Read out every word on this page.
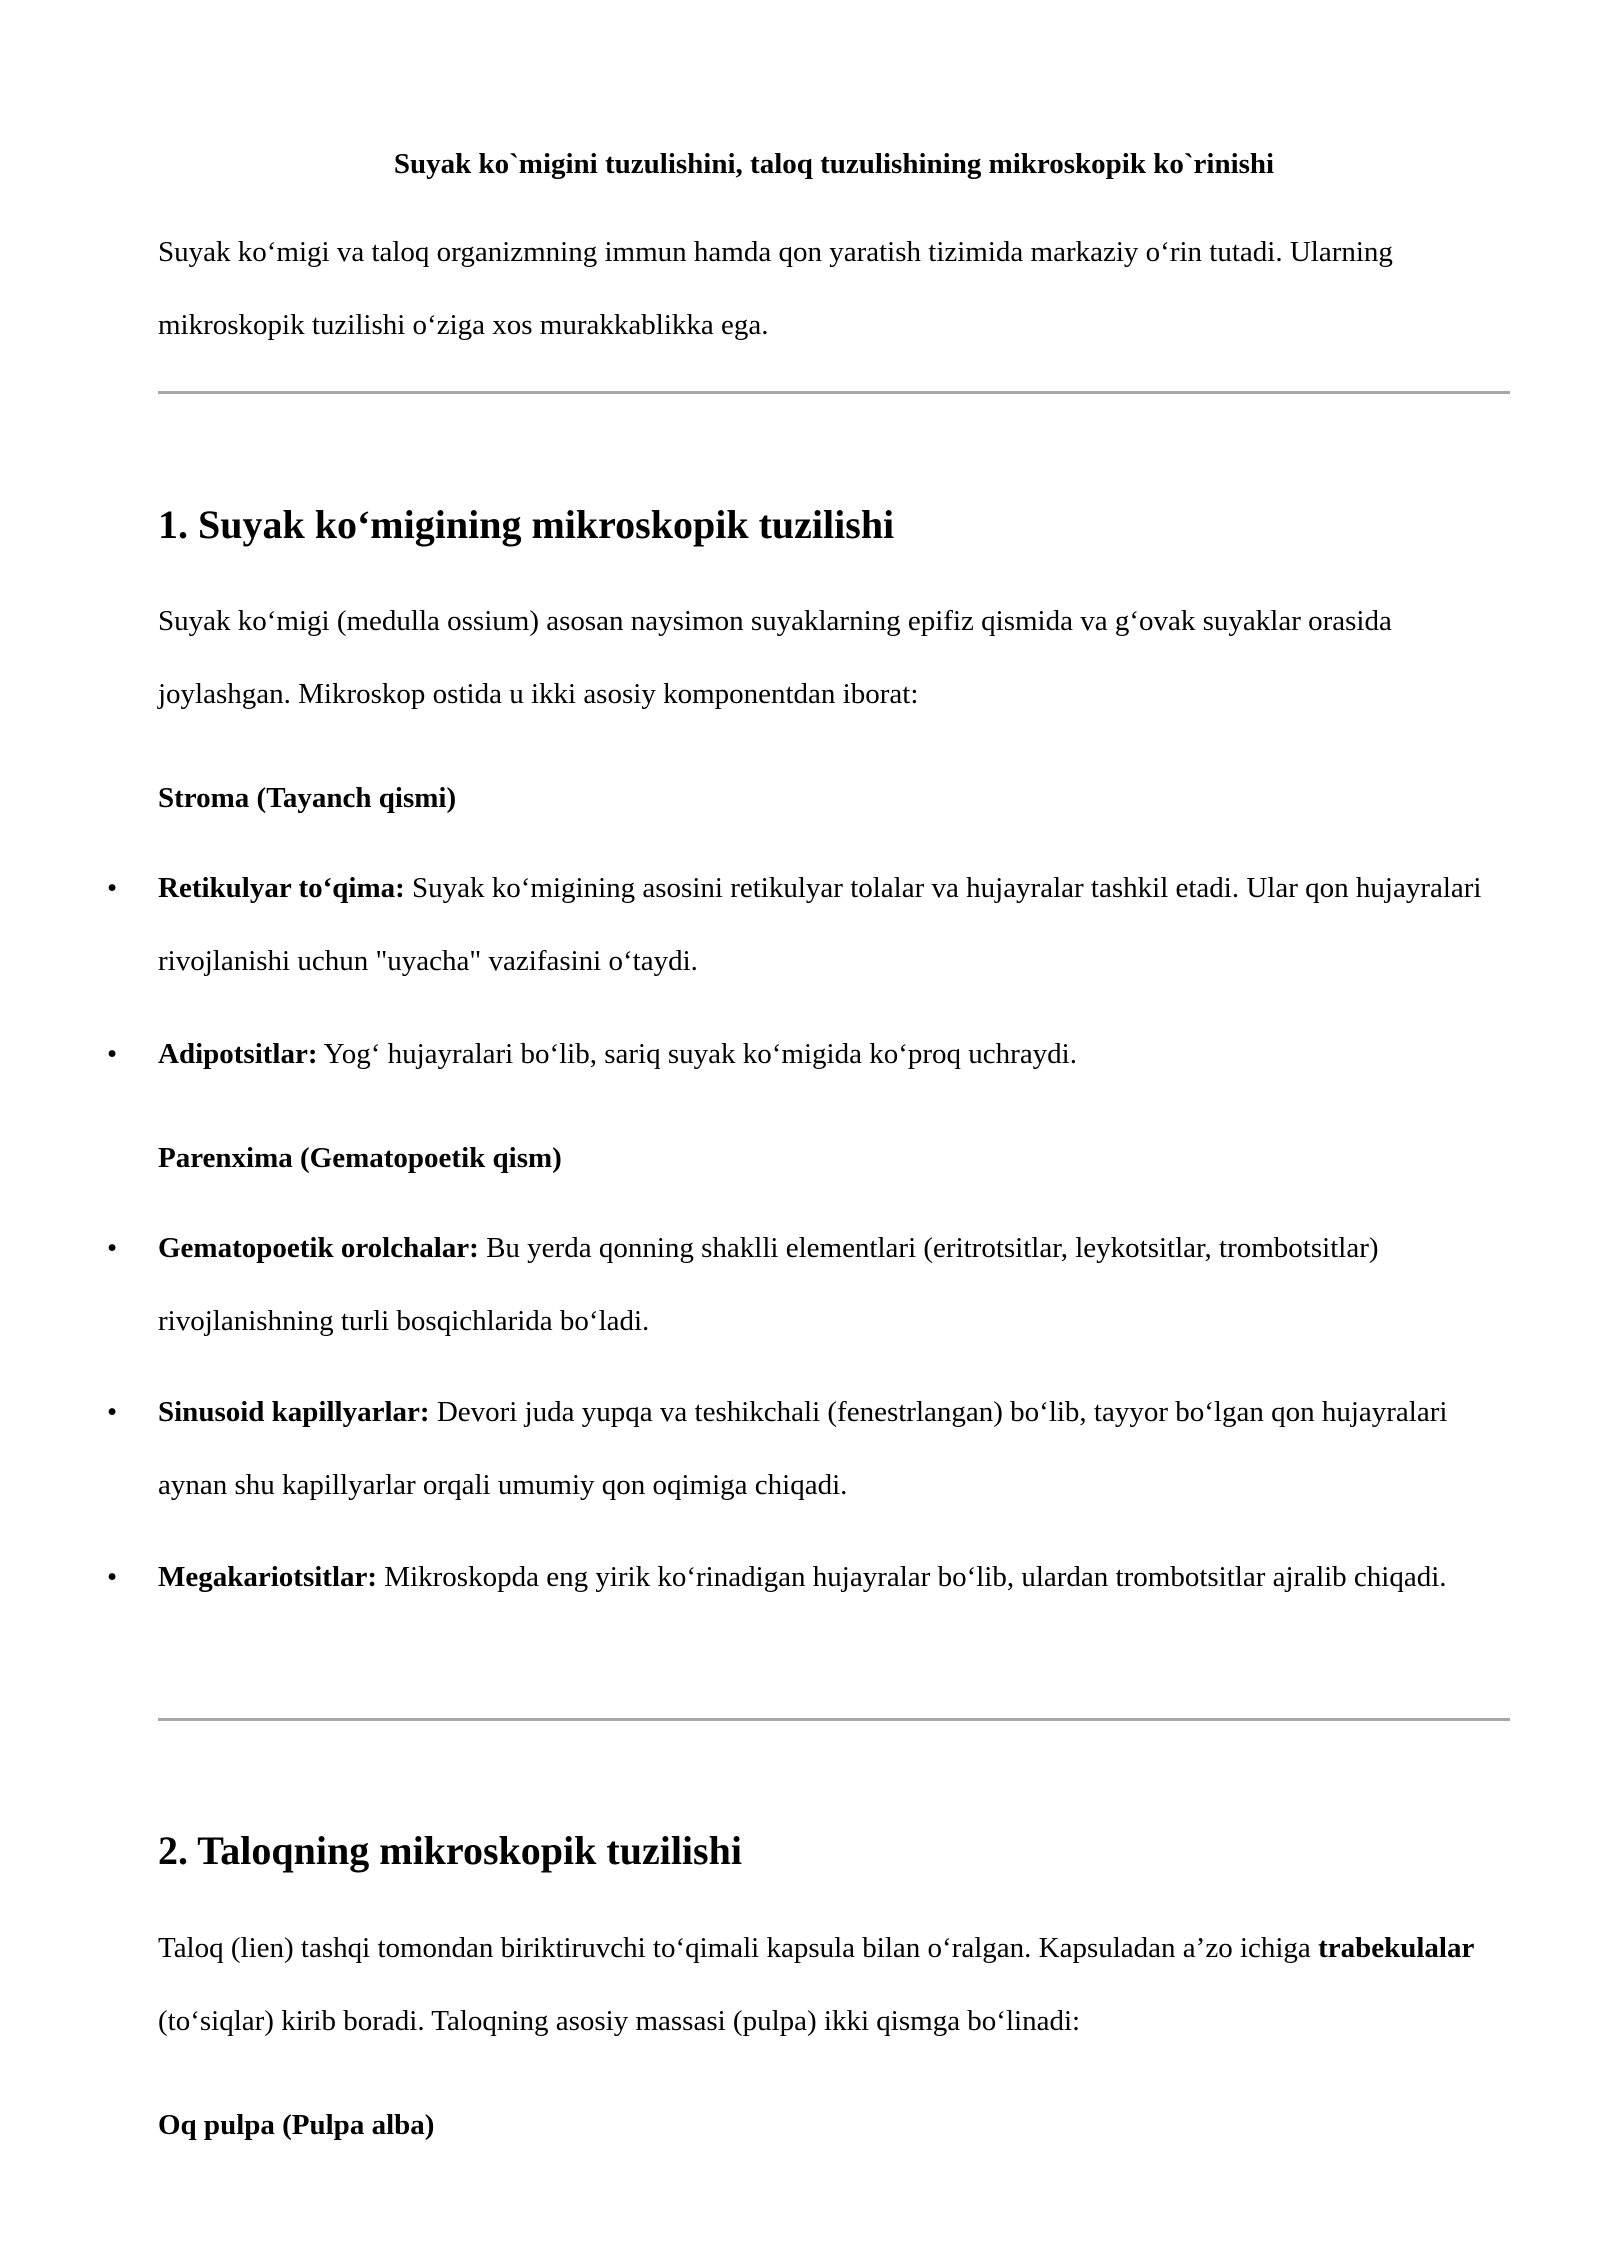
Suyak ko`migini tuzulishini, taloq tuzulishining mikroskopik ko`rinishi

Suyak ko‘migi va taloq organizmning immun hamda qon yaratish tizimida markaziy o‘rin tutadi. Ularning mikroskopik tuzilishi o‘ziga xos murakkablikka ega.

1. Suyak ko‘migining mikroskopik tuzilishi

Suyak ko‘migi (medulla ossium) asosan naysimon suyaklarning epifiz qismida va g‘ovak suyaklar orasida joylashgan. Mikroskop ostida u ikki asosiy komponentdan iborat:

Stroma (Tayanch qismi)
•	Retikulyar to‘qima: Suyak ko‘migining asosini retikulyar tolalar va hujayralar tashkil etadi. Ular qon hujayralari rivojlanishi uchun "uyacha" vazifasini o‘taydi.
•	Adipotsitlar: Yog‘ hujayralari bo‘lib, sariq suyak ko‘migida ko‘proq uchraydi.
Parenxima (Gematopoetik qism)
•	Gematopoetik orolchalar: Bu yerda qonning shaklli elementlari (eritrotsitlar, leykotsitlar, trombotsitlar) rivojlanishning turli bosqichlarida bo‘ladi.
•	Sinusoid kapillyarlar: Devori juda yupqa va teshikchali (fenestrlangan) bo‘lib, tayyor bo‘lgan qon hujayralari aynan shu kapillyarlar orqali umumiy qon oqimiga chiqadi.
•	Megakariotsitlar: Mikroskopda eng yirik ko‘rinadigan hujayralar bo‘lib, ulardan trombotsitlar ajralib chiqadi.
2. Taloqning mikroskopik tuzilishi

Taloq (lien) tashqi tomondan biriktiruvchi to‘qimali kapsula bilan o‘ralgan. Kapsuladan a’zo ichiga trabekulalar (to‘siqlar) kirib boradi. Taloqning asosiy massasi (pulpa) ikki qismga bo‘linadi:

Oq pulpa (Pulpa alba)
